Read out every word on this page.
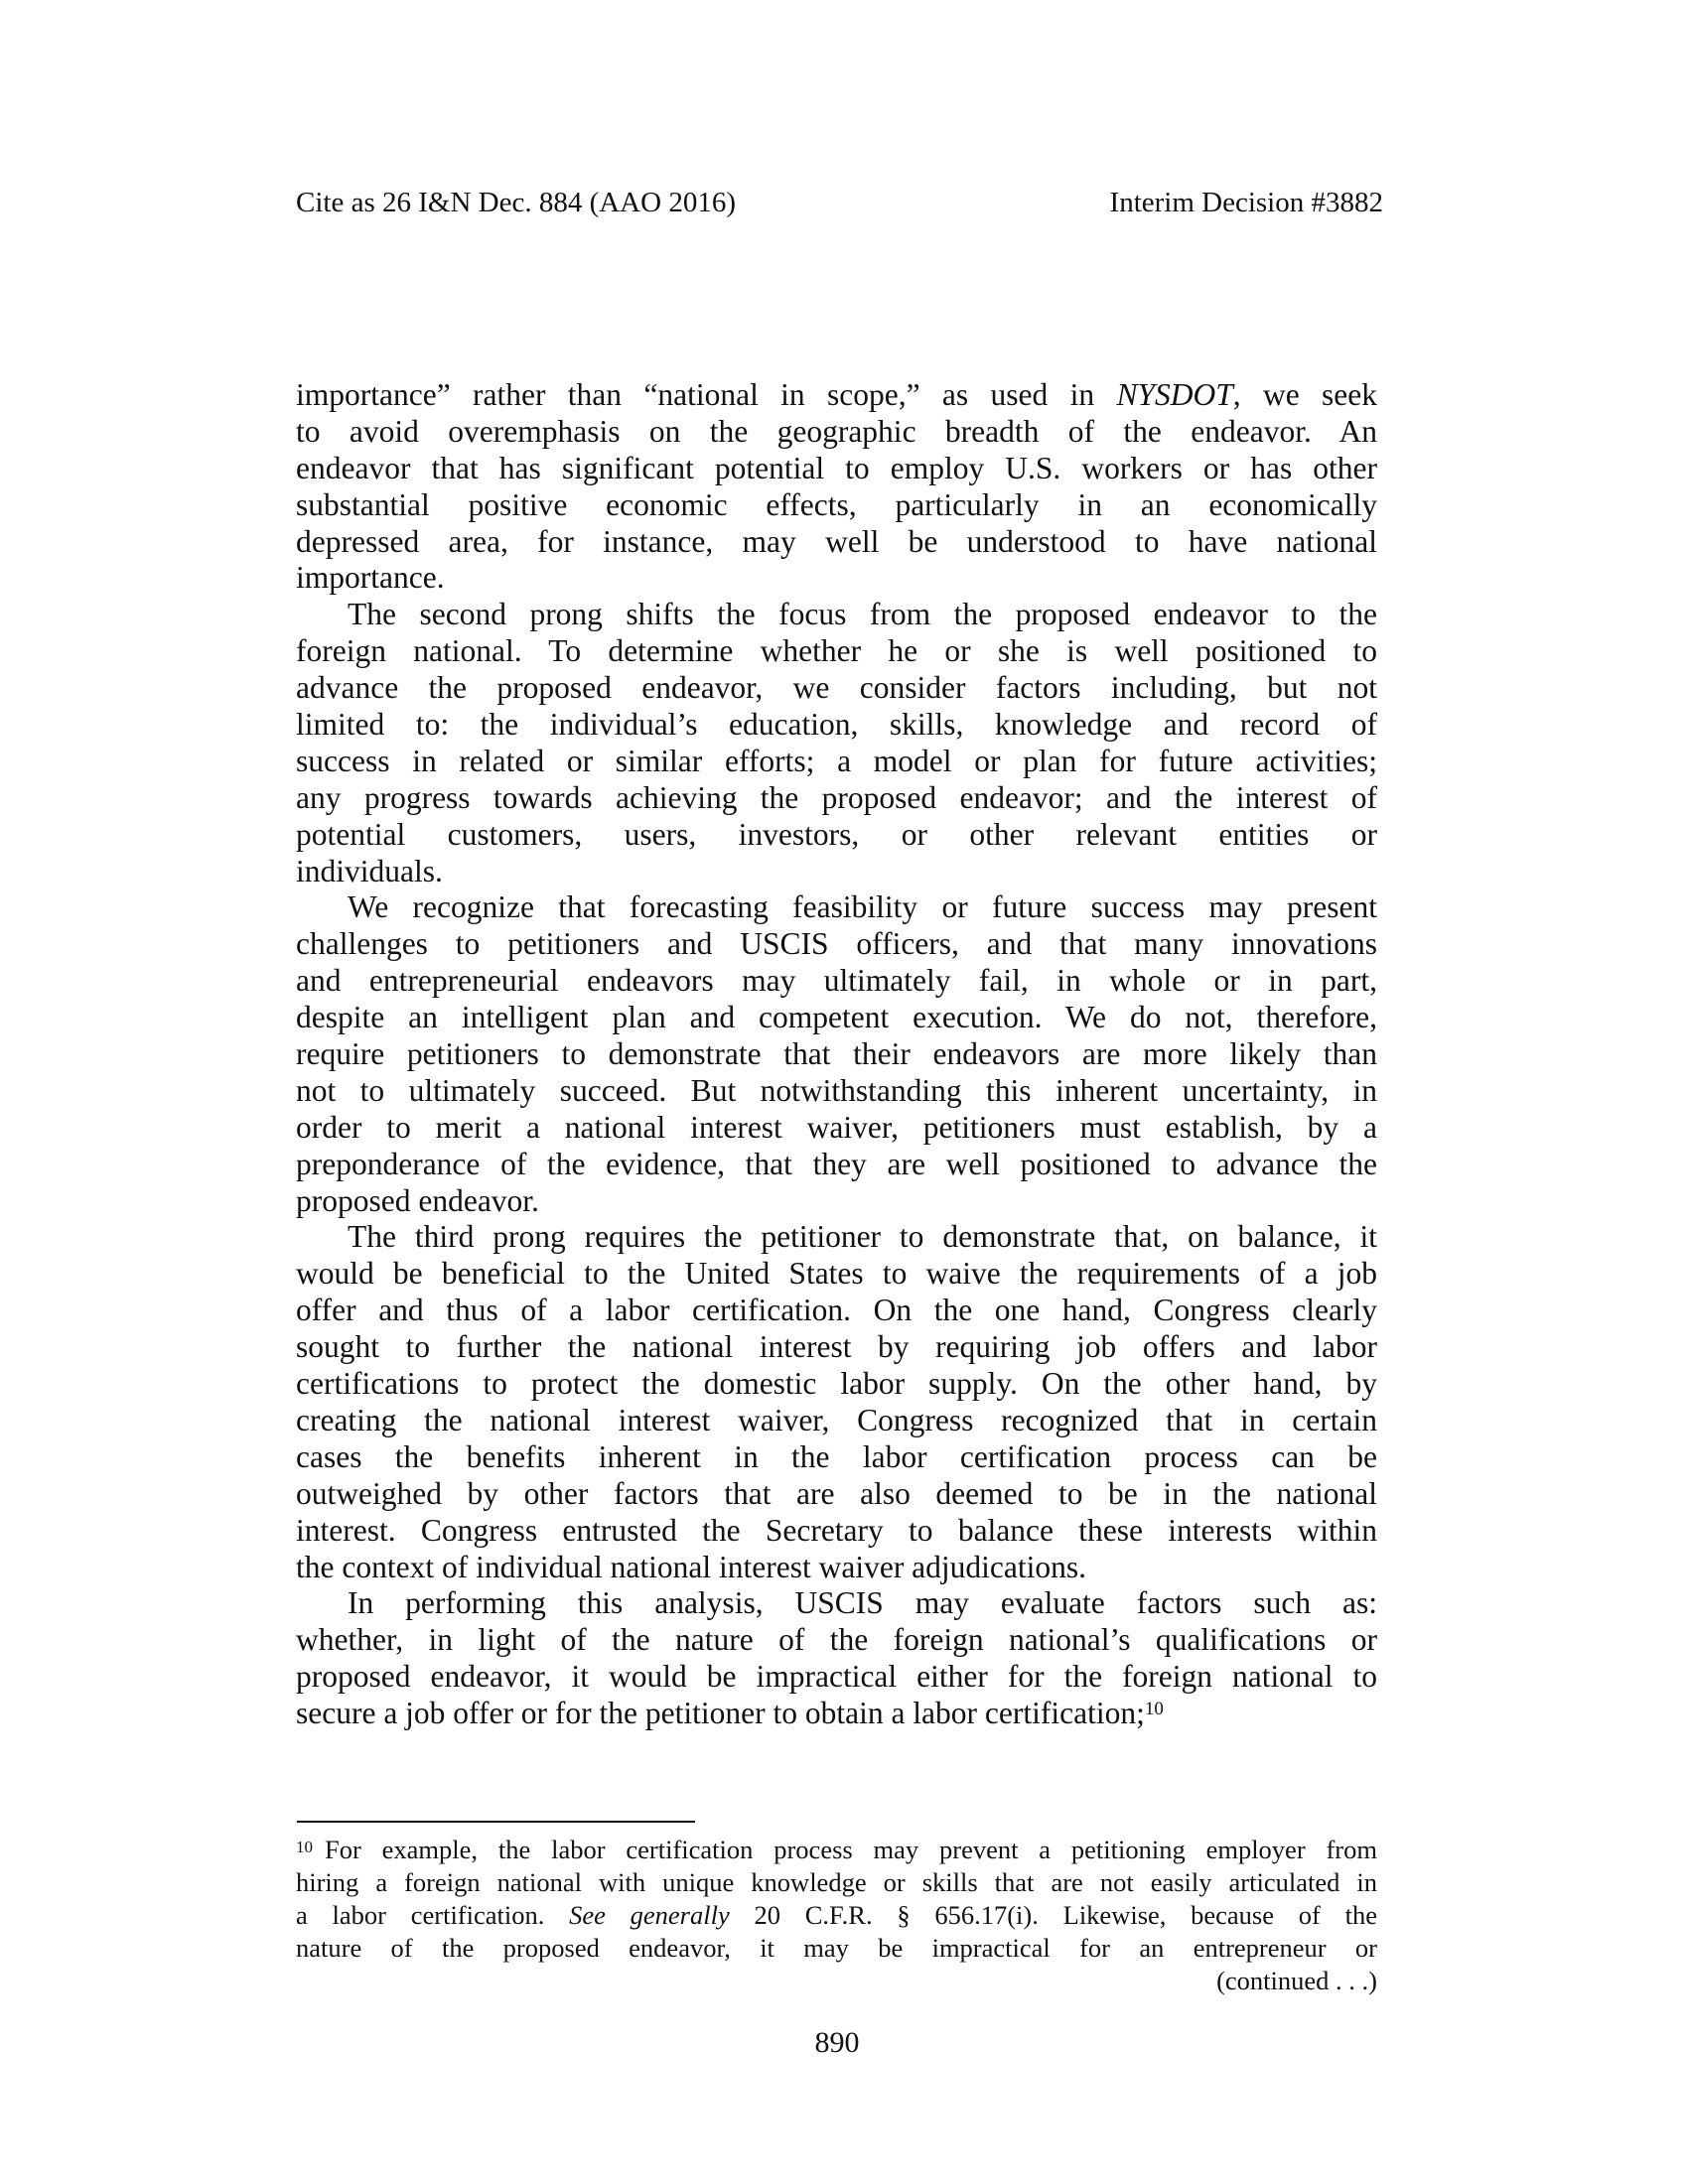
Cite as 26 I&N Dec. 884 (AAO 2016)	Interim Decision #3882
importance” rather than “national in scope,” as used in NYSDOT, we seek
to avoid overemphasis on the geographic breadth of the endeavor. An
endeavor that has significant potential to employ U.S. workers or has other
substantial positive economic effects, particularly in an economically
depressed area, for instance, may well be understood to have national
importance.
The second prong shifts the focus from the proposed endeavor to the
foreign national. To determine whether he or she is well positioned to
advance the proposed endeavor, we consider factors including, but not
limited to: the individual’s education, skills, knowledge and record of
success in related or similar efforts; a model or plan for future activities;
any progress towards achieving the proposed endeavor; and the interest of
potential customers, users, investors, or other relevant entities or
individuals.
We recognize that forecasting feasibility or future success may present
challenges to petitioners and USCIS officers, and that many innovations
and entrepreneurial endeavors may ultimately fail, in whole or in part,
despite an intelligent plan and competent execution. We do not, therefore,
require petitioners to demonstrate that their endeavors are more likely than
not to ultimately succeed. But notwithstanding this inherent uncertainty, in
order to merit a national interest waiver, petitioners must establish, by a
preponderance of the evidence, that they are well positioned to advance the
proposed endeavor.
The third prong requires the petitioner to demonstrate that, on balance, it
would be beneficial to the United States to waive the requirements of a job
offer and thus of a labor certification. On the one hand, Congress clearly
sought to further the national interest by requiring job offers and labor
certifications to protect the domestic labor supply. On the other hand, by
creating the national interest waiver, Congress recognized that in certain
cases the benefits inherent in the labor certification process can be
outweighed by other factors that are also deemed to be in the national
interest. Congress entrusted the Secretary to balance these interests within
the context of individual national interest waiver adjudications.
In performing this analysis, USCIS may evaluate factors such as:
whether, in light of the nature of the foreign national’s qualifications or
proposed endeavor, it would be impractical either for the foreign national to
secure a job offer or for the petitioner to obtain a labor certification;$^{10}$
$^{10}$ For example, the labor certification process may prevent a petitioning employer from
hiring a foreign national with unique knowledge or skills that are not easily articulated in
a labor certification. See generally 20 C.F.R. § 656.17(i). Likewise, because of the
nature of the proposed endeavor, it may be impractical for an entrepreneur or
(continued . . .)
890
